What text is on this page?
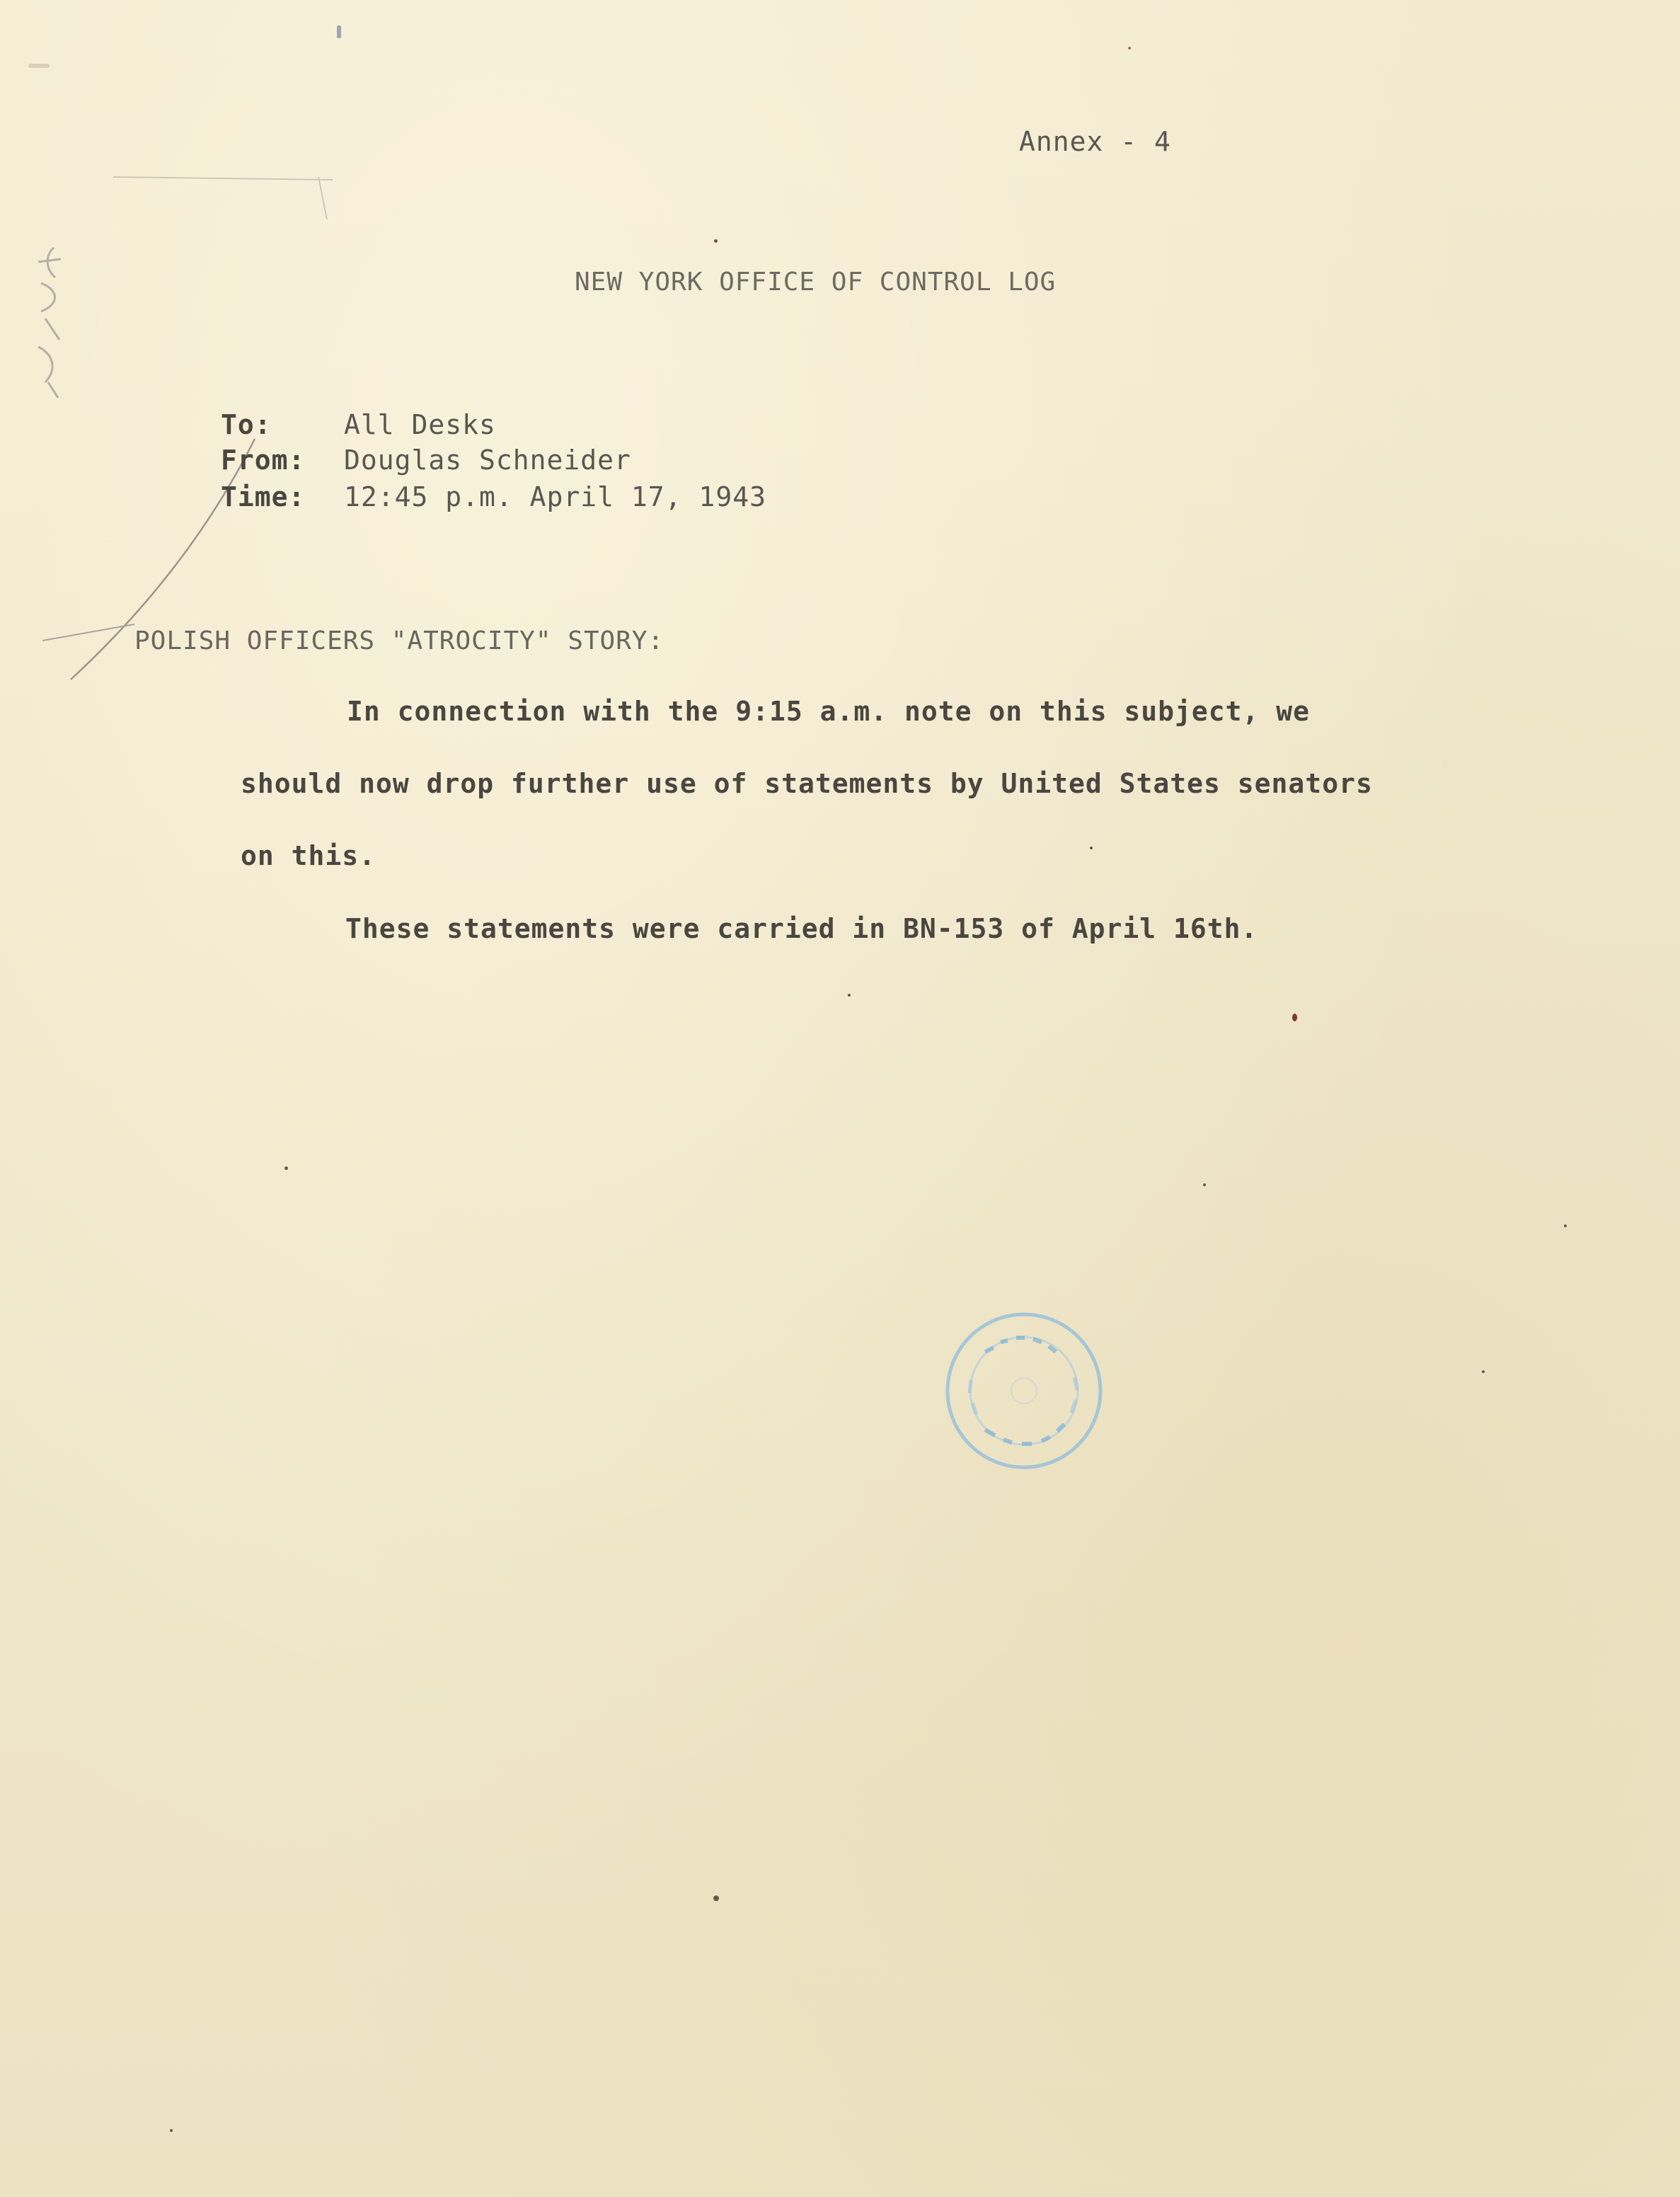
Annex - 4
NEW YORK OFFICE OF CONTROL LOG
To:	All Desks
From: Douglas Schneider
Time: 12:45 p.m. April 17, 1943
POLISH OFFICERS "ATROCITY" STORY:
In connection with the 9:15 a.m. note on this subject, we
should now drop further use of statements by United States senators
on this.
These statements were carried in BN-153 of April 16th.
